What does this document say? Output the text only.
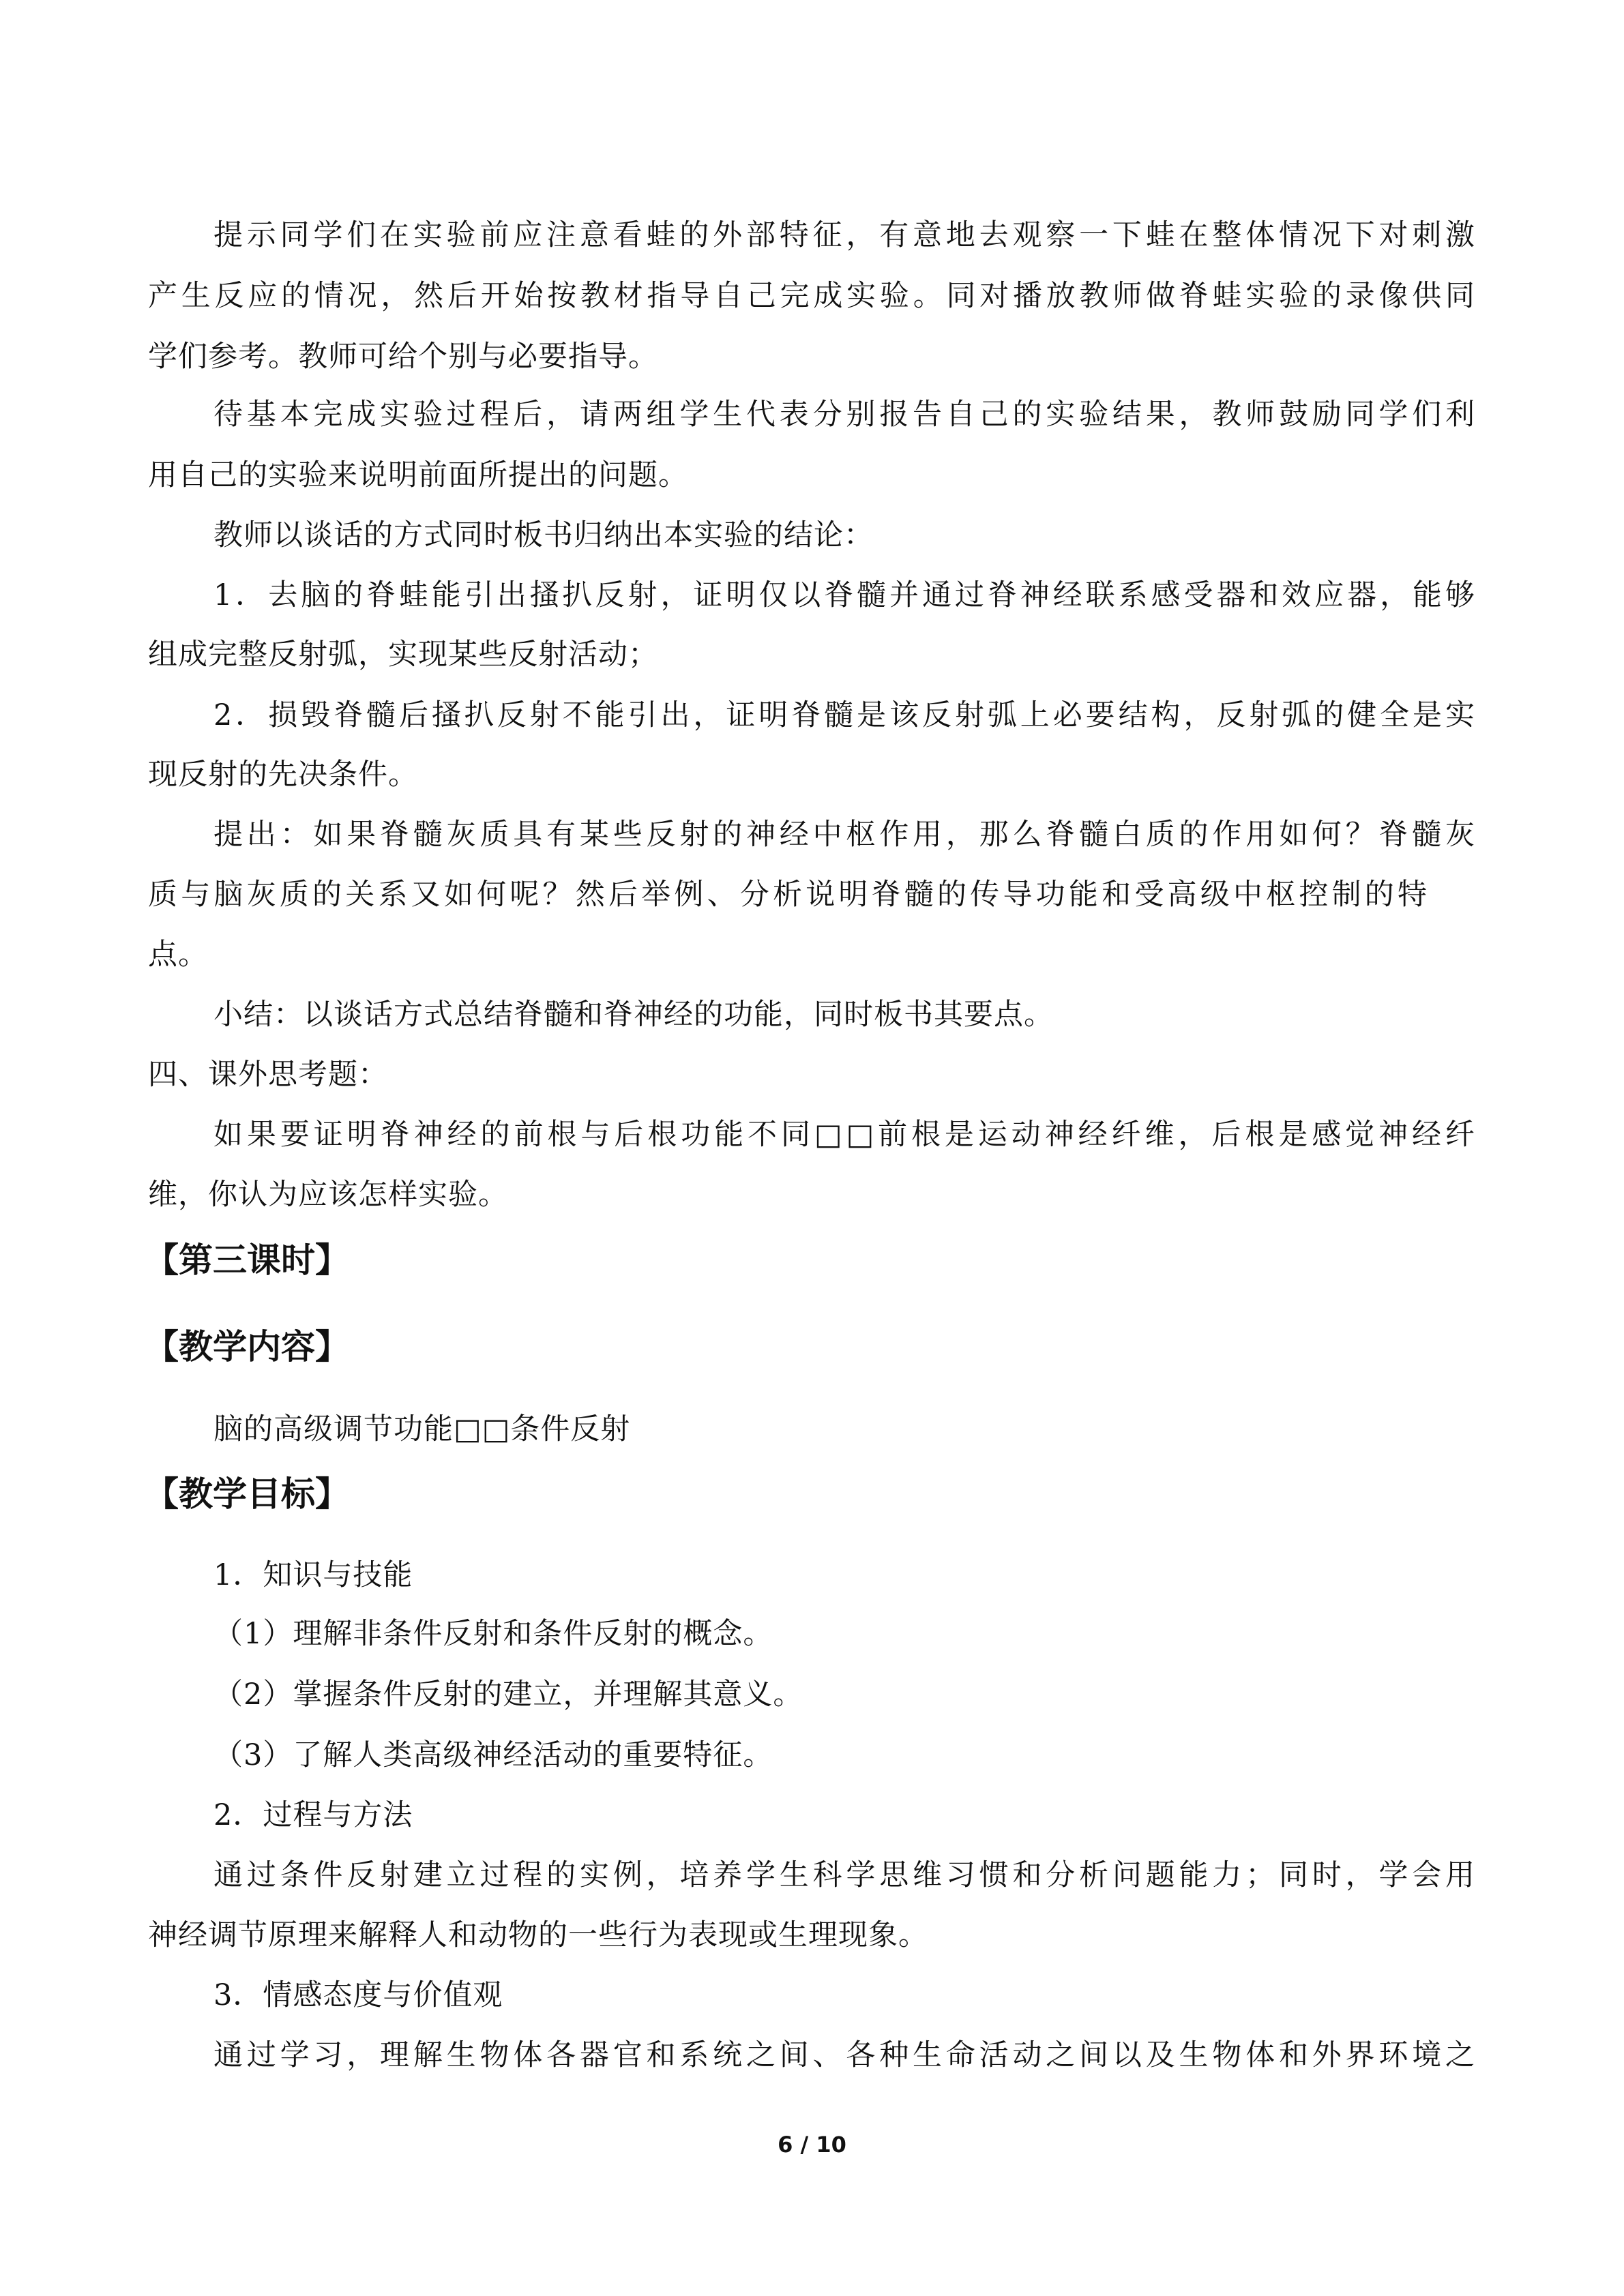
提示同学们在实验前应注意看蛙的外部特征，有意地去观察一下蛙在整体情况下对刺激
产生反应的情况，然后开始按教材指导自己完成实验。同对播放教师做脊蛙实验的录像供同
学们参考。教师可给个别与必要指导。
待基本完成实验过程后，请两组学生代表分别报告自己的实验结果，教师鼓励同学们利
用自己的实验来说明前面所提出的问题。
教师以谈话的方式同时板书归纳出本实验的结论：
1．去脑的脊蛙能引出搔扒反射，证明仅以脊髓并通过脊神经联系感受器和效应器，能够
组成完整反射弧，实现某些反射活动；
2．损毁脊髓后搔扒反射不能引出，证明脊髓是该反射弧上必要结构，反射弧的健全是实
现反射的先决条件。
提出：如果脊髓灰质具有某些反射的神经中枢作用，那么脊髓白质的作用如何？脊髓灰
质与脑灰质的关系又如何呢？然后举例、分析说明脊髓的传导功能和受高级中枢控制的特
点。
小结：以谈话方式总结脊髓和脊神经的功能，同时板书其要点。
四、课外思考题：
如果要证明脊神经的前根与后根功能不同□□前根是运动神经纤维，后根是感觉神经纤
维，你认为应该怎样实验。
【第三课时】
【教学内容】
脑的高级调节功能□□条件反射
【教学目标】
1．知识与技能
（1）理解非条件反射和条件反射的概念。
（2）掌握条件反射的建立，并理解其意义。
（3）了解人类高级神经活动的重要特征。
2．过程与方法
通过条件反射建立过程的实例，培养学生科学思维习惯和分析问题能力；同时，学会用
神经调节原理来解释人和动物的一些行为表现或生理现象。
3．情感态度与价值观
通过学习，理解生物体各器官和系统之间、各种生命活动之间以及生物体和外界环境之
6 / 10
